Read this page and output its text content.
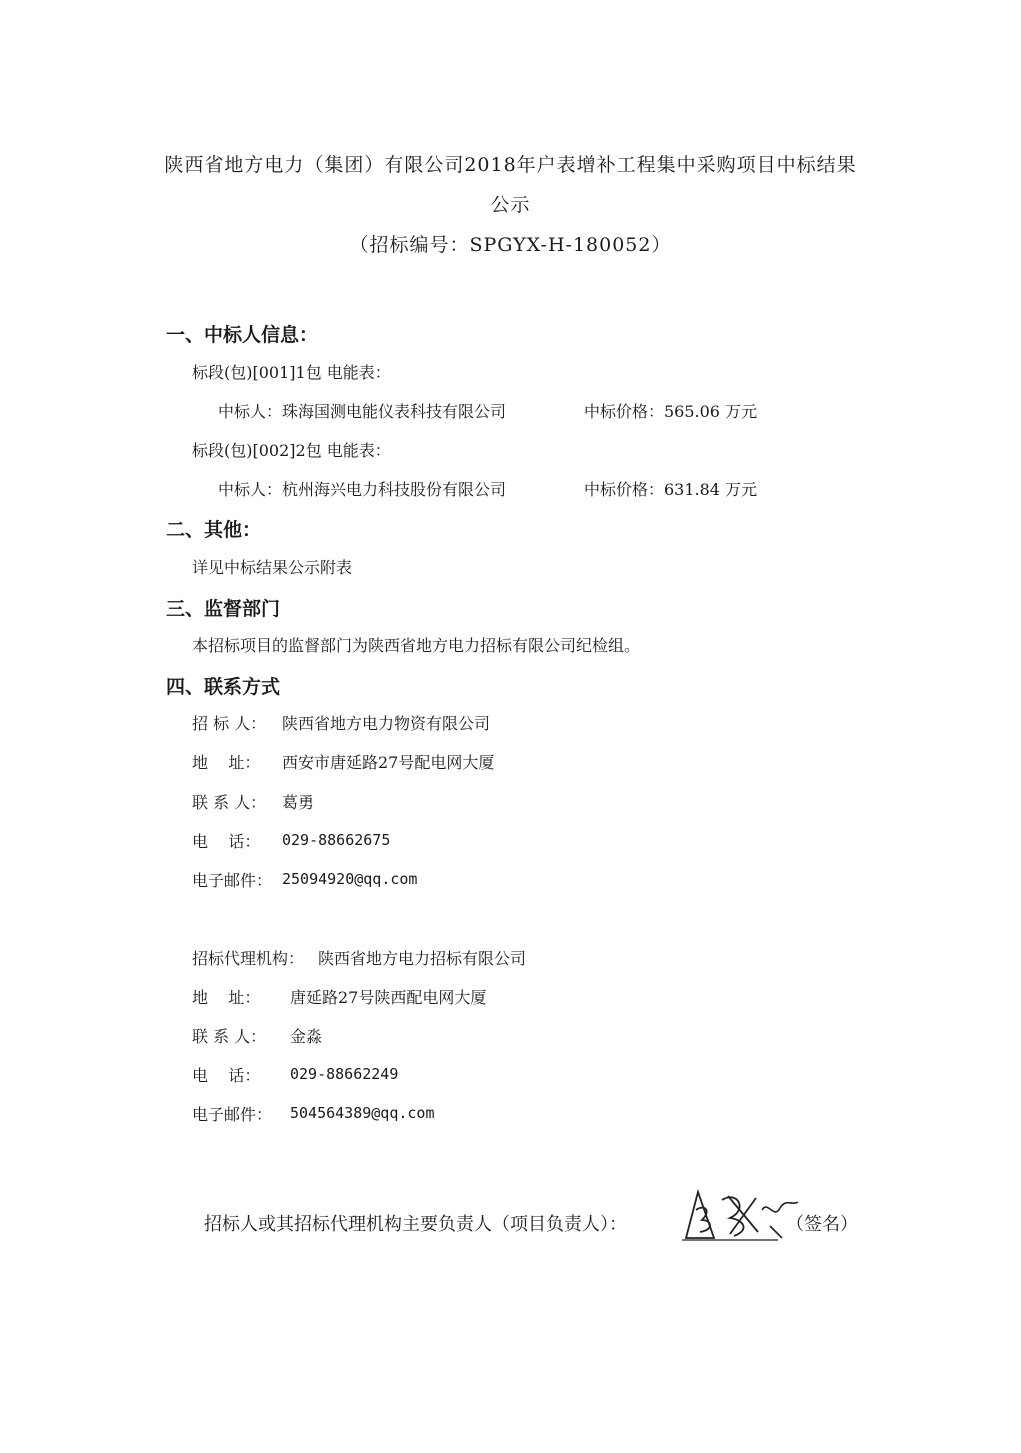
陕西省地方电力（集团）有限公司2018年户表增补工程集中采购项目中标结果
公示
（招标编号：SPGYX-H-180052）
一、中标人信息：
标段(包)[001]1包 电能表：
中标人：珠海国测电能仪表科技有限公司	中标价格：565.06 万元
标段(包)[002]2包 电能表：
中标人：杭州海兴电力科技股份有限公司	中标价格：631.84 万元
二、其他：
详见中标结果公示附表
三、监督部门
本招标项目的监督部门为陕西省地方电力招标有限公司纪检组。
四、联系方式
招 标 人： 陕西省地方电力物资有限公司
地    址： 西安市唐延路27号配电网大厦
联 系 人： 葛勇
电    话： 029-88662675
电子邮件： 25094920@qq.com
招标代理机构： 陕西省地方电力招标有限公司
地    址： 唐延路27号陕西配电网大厦
联 系 人： 金淼
电    话： 029-88662249
电子邮件： 504564389@qq.com
招标人或其招标代理机构主要负责人（项目负责人）：	（签名）
